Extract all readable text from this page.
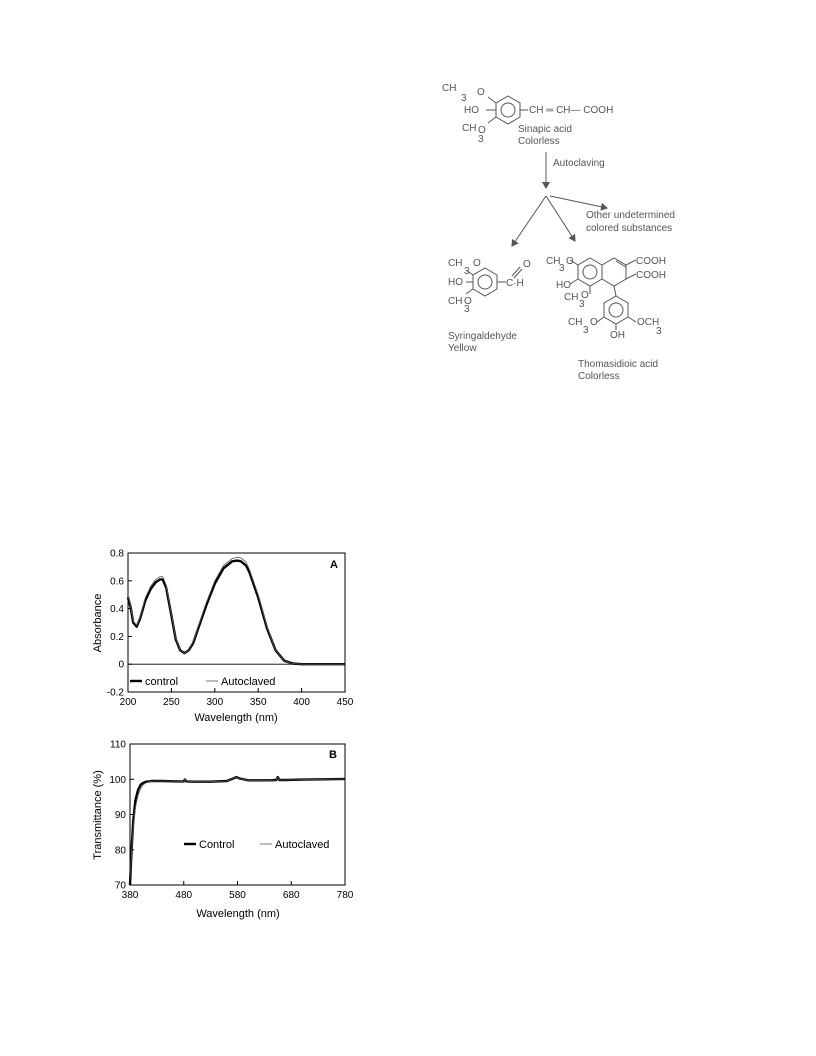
CH O
3
HO
CH O
3
CH ═ CH— COOH
Sinapic acid
Colorless
Autoclaving
Other undetermined
colored substances
CH
3
O
HO
CH O
3
C·H
O
Syringaldehyde
Yellow
CH
3
O	COOH
COOH
HO
CH O
3
CH
3
O
OH
OCH
3
Thomasidioic acid
Colorless
-0.2
0
0.2
0.4
0.6
0.8
200	250	300	350	400	450
A
Wavelength (nm)
Absorbance
control	Autoclaved
70
80
90
100
110
380	480	580	680	780
B
Wavelength (nm)
Transmittance (%)	Control	Autoclaved
